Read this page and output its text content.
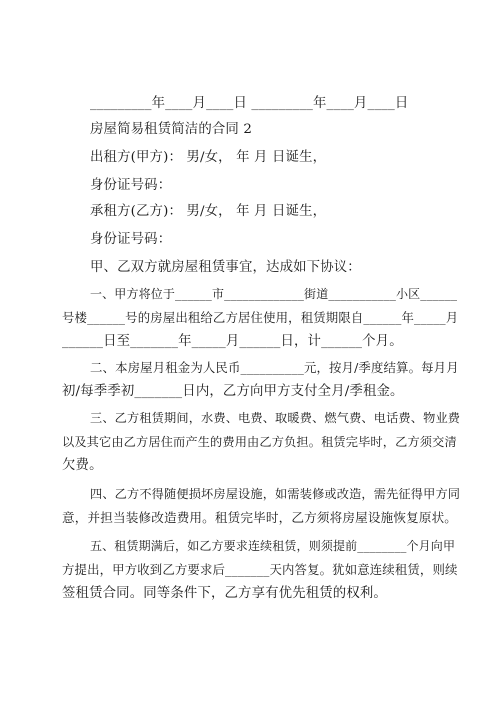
_________年____月____日 _________年____月____日
房屋简易租赁简洁的合同 2
出租方(甲方)： 男/女， 年 月 日诞生，
身份证号码：
承租方(乙方)： 男/女， 年 月 日诞生，
身份证号码：
甲、乙双方就房屋租赁事宜，达成如下协议：
一、甲方将位于______市_____________街道___________小区______
号楼______号的房屋出租给乙方居住使用，租赁期限自______年_____月
______日至_______年_____月______日，计______个月。
二、本房屋月租金为人民币__________元，按月/季度结算。每月月
初/每季季初_______日内，乙方向甲方支付全月/季租金。
三、乙方租赁期间，水费、电费、取暖费、燃气费、电话费、物业费
以及其它由乙方居住而产生的费用由乙方负担。租赁完毕时，乙方须交清
欠费。
四、乙方不得随便损坏房屋设施，如需装修或改造，需先征得甲方同
意，并担当装修改造费用。租赁完毕时，乙方须将房屋设施恢复原状。
五、租赁期满后，如乙方要求连续租赁，则须提前________个月向甲
方提出，甲方收到乙方要求后_______天内答复。犹如意连续租赁，则续
签租赁合同。同等条件下，乙方享有优先租赁的权利。
